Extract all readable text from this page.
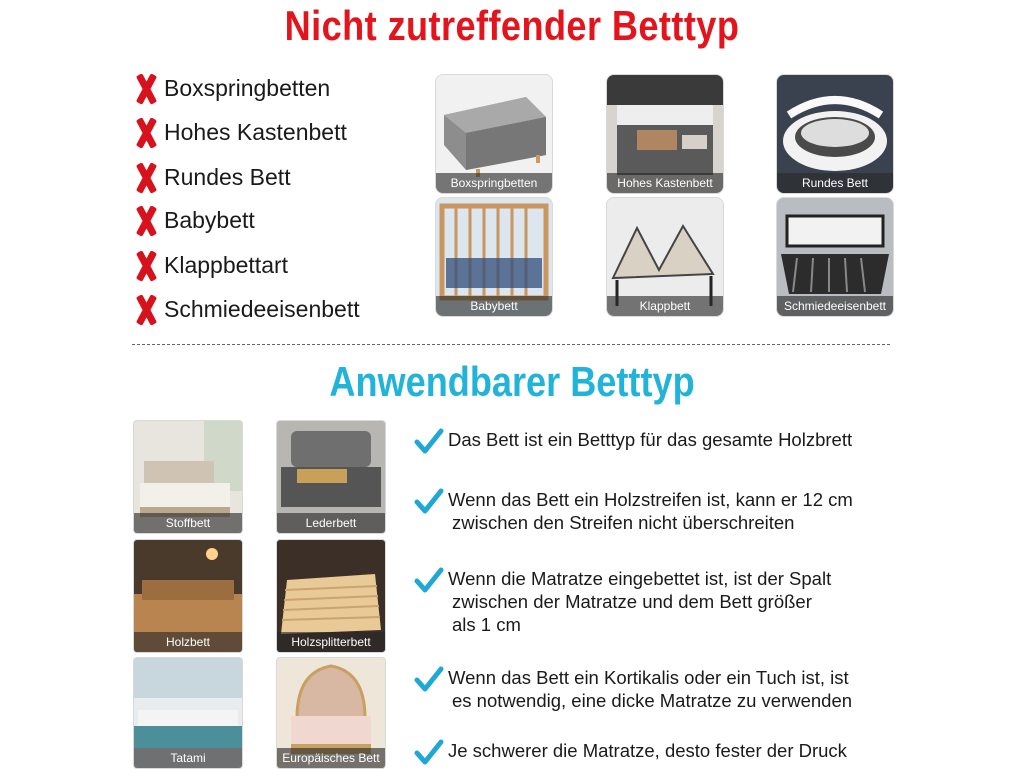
Nicht zutreffender Betttyp
Boxspringbetten
Hohes Kastenbett
Rundes Bett
Babybett
Klappbettart
Schmiedeeisenbett
Boxspringbetten	Hohes Kastenbett	Rundes Bett
Babybett	Klappbett	Schmiedeeisenbett
Anwendbarer Betttyp
Stoffbett	Lederbett
Holzbett	Holzsplitterbett
Tatami	Europäisches Bett
Das Bett ist ein Betttyp für das gesamte Holzbrett
Wenn das Bett ein Holzstreifen ist, kann er 12 cm
zwischen den Streifen nicht überschreiten
Wenn die Matratze eingebettet ist, ist der Spalt
zwischen der Matratze und dem Bett größer
als 1 cm
Wenn das Bett ein Kortikalis oder ein Tuch ist, ist
es notwendig, eine dicke Matratze zu verwenden
Je schwerer die Matratze, desto fester der Druck
